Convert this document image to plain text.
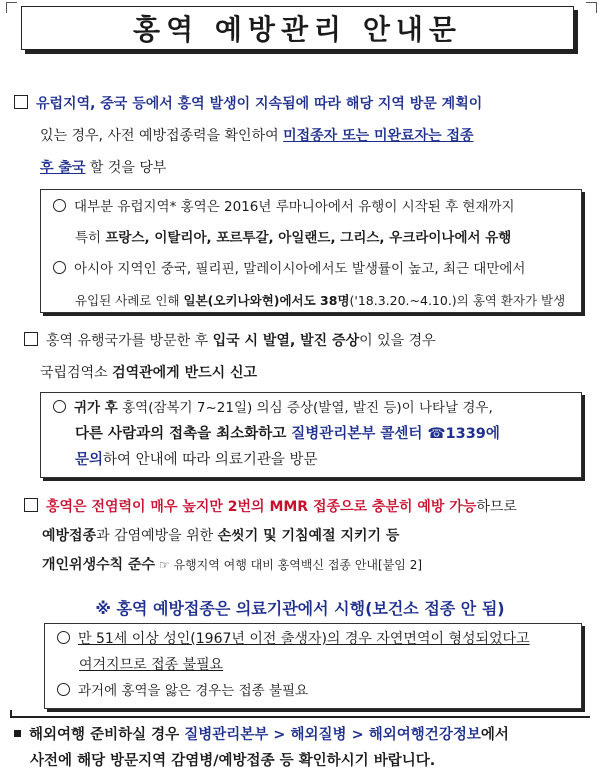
홍역 예방관리 안내문
유럽지역, 중국 등에서 홍역 발생이 지속됨에 따라 해당 지역 방문 계획이
있는 경우, 사전 예방접종력을 확인하여 미접종자 또는 미완료자는 접종
후 출국 할 것을 당부
대부분 유럽지역* 홍역은 2016년 루마니아에서 유행이 시작된 후 현재까지
특히 프랑스, 이탈리아, 포르투갈, 아일랜드, 그리스, 우크라이나에서 유행
아시아 지역인 중국, 필리핀, 말레이시아에서도 발생률이 높고, 최근 대만에서
유입된 사례로 인해 일본(오키나와현)에서도 38명('18.3.20.~4.10.)의 홍역 환자가 발생
홍역 유행국가를 방문한 후 입국 시 발열, 발진 증상이 있을 경우
국립검역소 검역관에게 반드시 신고
귀가 후 홍역(잠복기 7~21일) 의심 증상(발열, 발진 등)이 나타날 경우,
다른 사람과의 접촉을 최소화하고 질병관리본부 콜센터 ☎1339에
문의하여 안내에 따라 의료기관을 방문
홍역은 전염력이 매우 높지만 2번의 MMR 접종으로 충분히 예방 가능하므로
예방접종과 감염예방을 위한 손씻기 및 기침예절 지키기 등
개인위생수칙 준수 ☞ 유행지역 여행 대비 홍역백신 접종 안내[붙임 2]
※ 홍역 예방접종은 의료기관에서 시행(보건소 접종 안 됨)
만 51세 이상 성인(1967년 이전 출생자)의 경우 자연면역이 형성되었다고
여겨지므로 접종 불필요
과거에 홍역을 앓은 경우는 접종 불필요
해외여행 준비하실 경우 질병관리본부 > 해외질병 > 해외여행건강정보에서
사전에 해당 방문지역 감염병/예방접종 등 확인하시기 바랍니다.
